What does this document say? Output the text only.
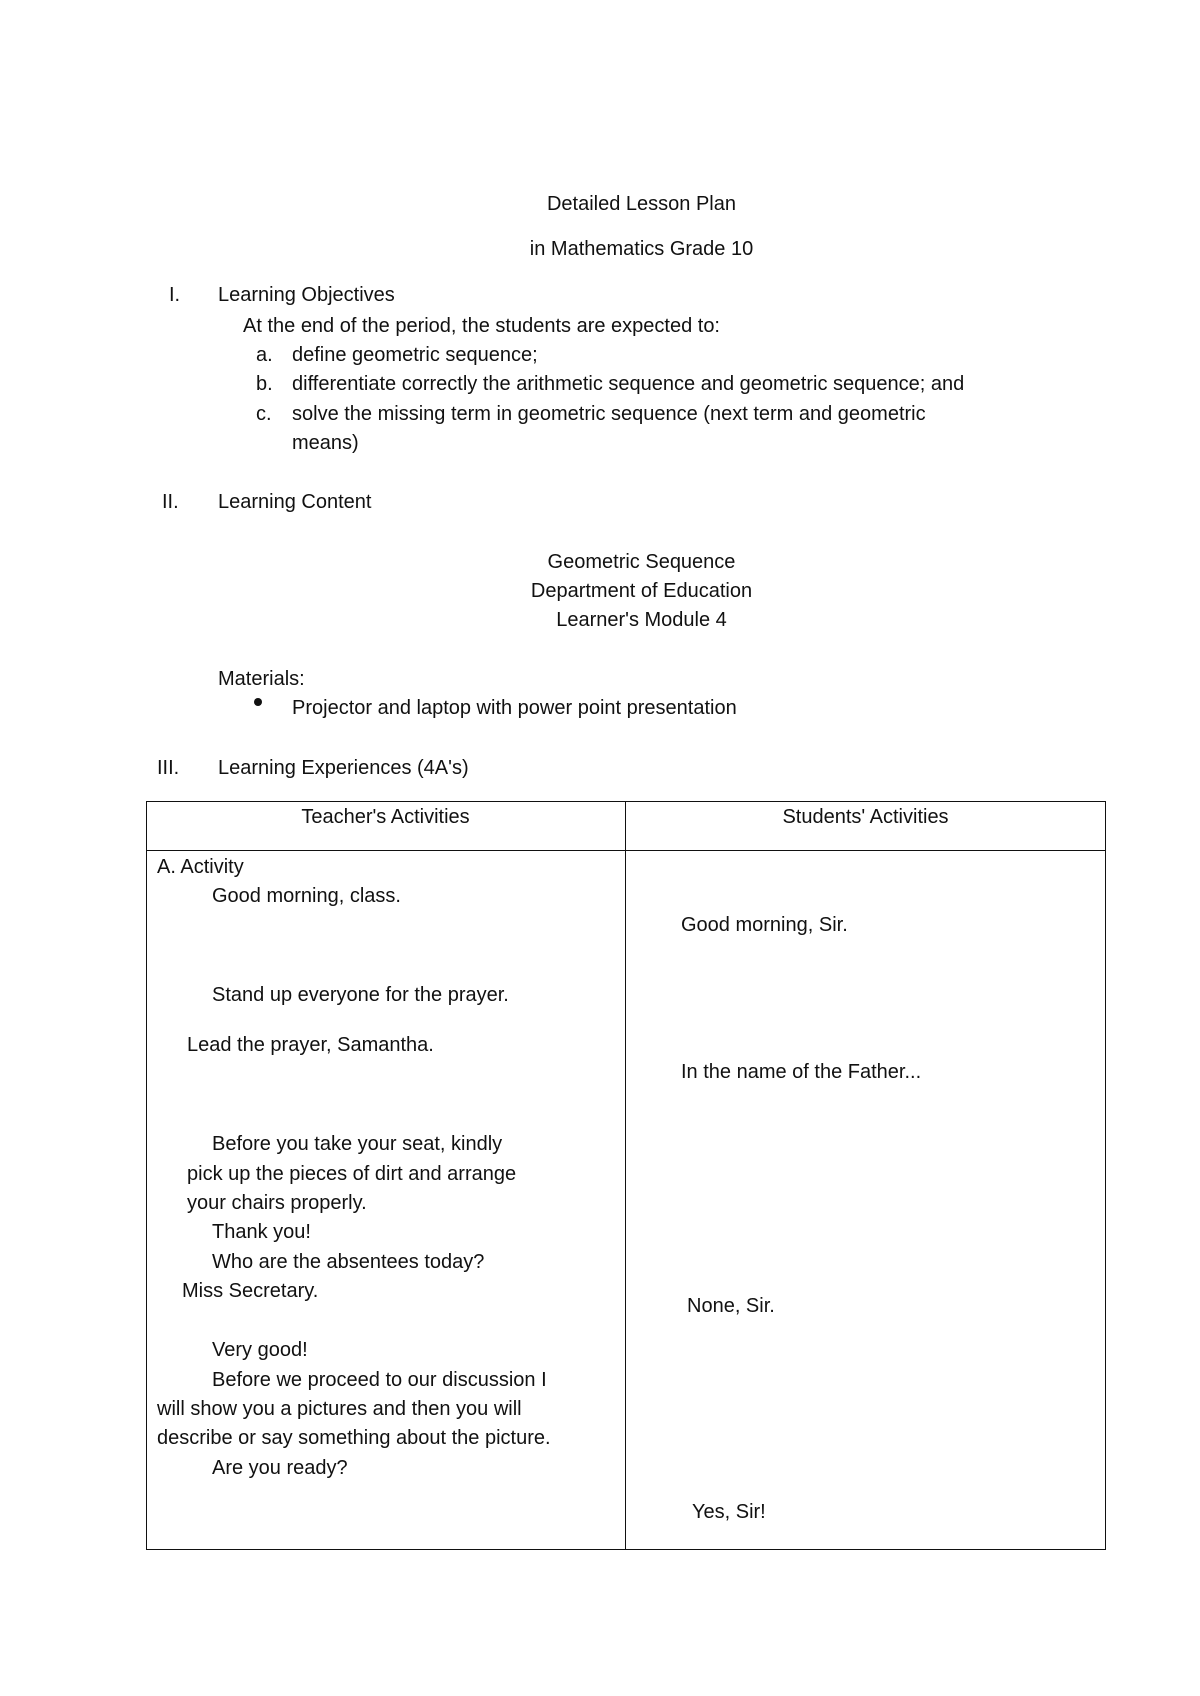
Detailed Lesson Plan
in Mathematics Grade 10
I. Learning Objectives
At the end of the period, the students are expected to:
a. define geometric sequence;
b. differentiate correctly the arithmetic sequence and geometric sequence; and
c. solve the missing term in geometric sequence (next term and geometric
means)
II. Learning Content
Geometric Sequence
Department of Education
Learner's Module 4
Materials:
Projector and laptop with power point presentation
III. Learning Experiences (4A's)
Teacher's Activities	Students' Activities
A. Activity
Good morning, class.
Stand up everyone for the prayer.
Lead the prayer, Samantha.
Before you take your seat, kindly
pick up the pieces of dirt and arrange
your chairs properly.
Thank you!
Who are the absentees today?
Miss Secretary.
Very good!
Before we proceed to our discussion I
will show you a pictures and then you will
describe or say something about the picture.
Are you ready?
Good morning, Sir.
In the name of the Father...
None, Sir.
Yes, Sir!
